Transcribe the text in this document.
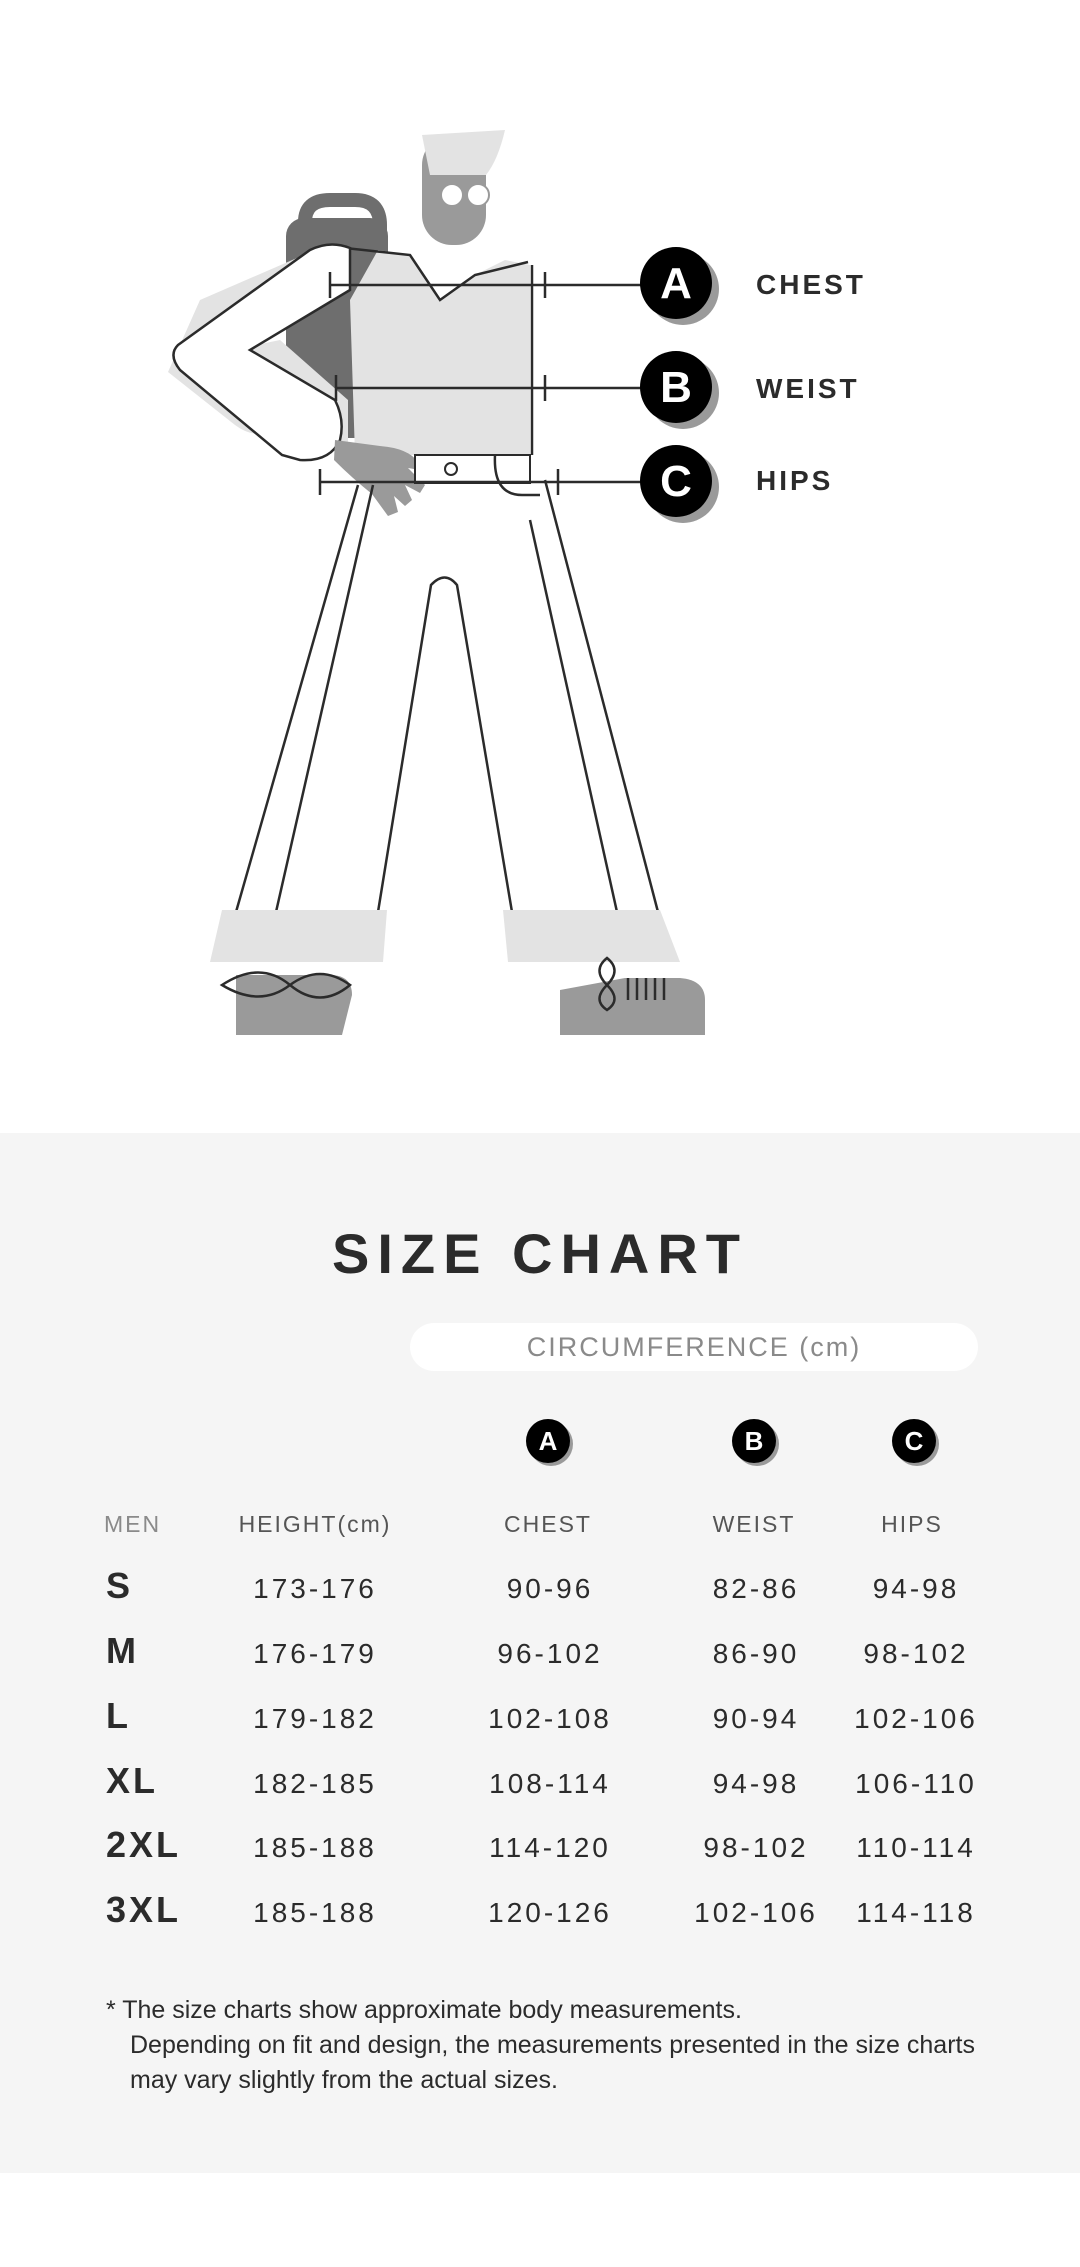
A
B
C
CHEST
WEIST
HIPS
SIZE CHART
CIRCUMFERENCE (cm)
A	B	C
MEN	HEIGHT(cm)	CHEST	WEIST	HIPS
S	173-176	90-96	82-86	94-98
M	176-179	96-102	86-90 98-102
L	179-182	102-108	90-94 102-106
XL	182-185	108-114	94-98 106-110
2XL	185-188	114-120	98-102 110-114
3XL	185-188	120-126	102-106 114-118
* The size charts show approximate body measurements.
Depending on fit and design, the measurements presented in the size charts
may vary slightly from the actual sizes.
